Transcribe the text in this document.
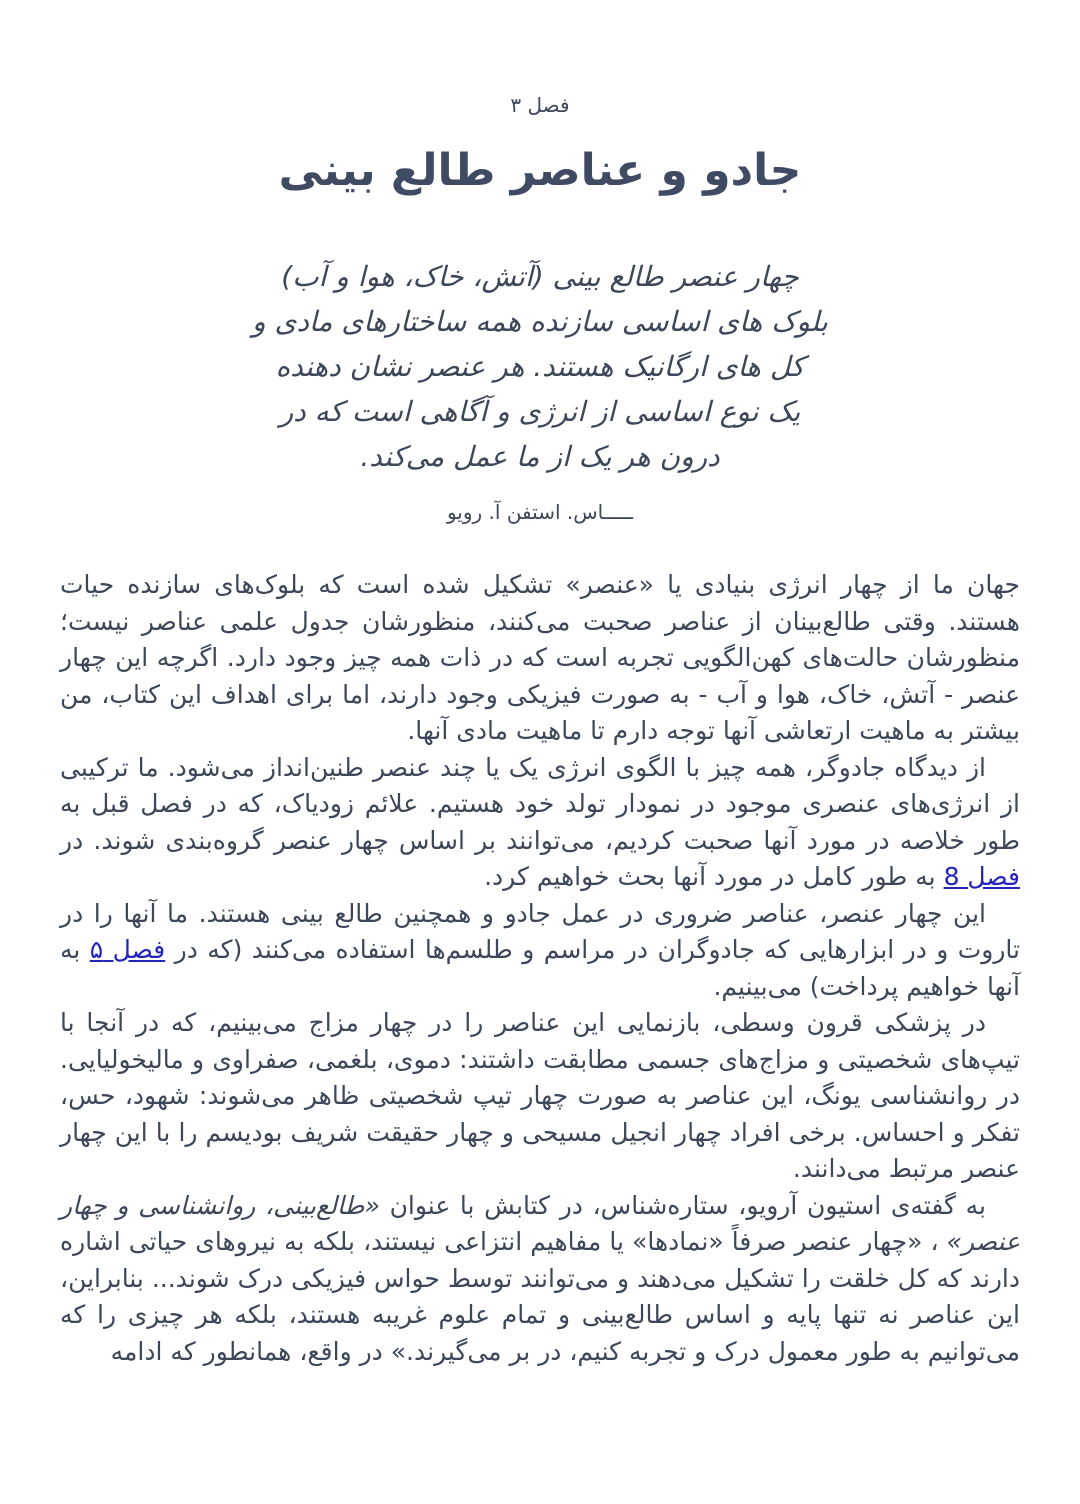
فصل ۳
جادو و عناصر طالع بینی
چهار عنصر طالع بینی (آتش، خاک، هوا و آب)
بلوک های اساسی سازنده همه ساختارهای مادی و
کل های ارگانیک هستند. هر عنصر نشان دهنده
یک نوع اساسی از انرژی و آگاهی است که در
درون هر یک از ما عمل می‌کند.
ـــــاس. استفن آ. رویو

جهان ما از چهار انرژی بنیادی یا «عنصر» تشکیل شده است که بلوک‌های سازنده حیات هستند. وقتی طالع‌بینان از عناصر صحبت می‌کنند، منظورشان جدول علمی عناصر نیست؛ منظورشان حالت‌های کهن‌الگویی تجربه است که در ذات همه چیز وجود دارد. اگرچه این چهار عنصر - آتش، خاک، هوا و آب - به صورت فیزیکی وجود دارند، اما برای اهداف این کتاب، من بیشتر به ماهیت ارتعاشی آنها توجه دارم تا ماهیت مادی آنها.

از دیدگاه جادوگر، همه چیز با الگوی انرژی یک یا چند عنصر طنین‌انداز می‌شود. ما ترکیبی از انرژی‌های عنصری موجود در نمودار تولد خود هستیم. علائم زودیاک، که در فصل قبل به طور خلاصه در مورد آنها صحبت کردیم، می‌توانند بر اساس چهار عنصر گروه‌بندی شوند. در فصل 8 به طور کامل در مورد آنها بحث خواهیم کرد.

این چهار عنصر، عناصر ضروری در عمل جادو و همچنین طالع بینی هستند. ما آنها را در تاروت و در ابزارهایی که جادوگران در مراسم و طلسم‌ها استفاده می‌کنند (که در فصل ۵ به آنها خواهیم پرداخت) می‌بینیم.

در پزشکی قرون وسطی، بازنمایی این عناصر را در چهار مزاج می‌بینیم، که در آنجا با تیپ‌های شخصیتی و مزاج‌های جسمی مطابقت داشتند: دموی، بلغمی، صفراوی و مالیخولیایی. در روانشناسی یونگ، این عناصر به صورت چهار تیپ شخصیتی ظاهر می‌شوند: شهود، حس، تفکر و احساس. برخی افراد چهار انجیل مسیحی و چهار حقیقت شریف بودیسم را با این چهار عنصر مرتبط می‌دانند.

به گفته‌ی استیون آرویو، ستاره‌شناس، در کتابش با عنوان «طالع‌بینی، روانشناسی و چهار عنصر» ، «چهار عنصر صرفاً «نمادها» یا مفاهیم انتزاعی نیستند، بلکه به نیروهای حیاتی اشاره دارند که کل خلقت را تشکیل می‌دهند و می‌توانند توسط حواس فیزیکی درک شوند... بنابراین، این عناصر نه تنها پایه و اساس طالع‌بینی و تمام علوم غریبه هستند، بلکه هر چیزی را که می‌توانیم به طور معمول درک و تجربه کنیم، در بر می‌گیرند.» در واقع، همانطور که ادامه
